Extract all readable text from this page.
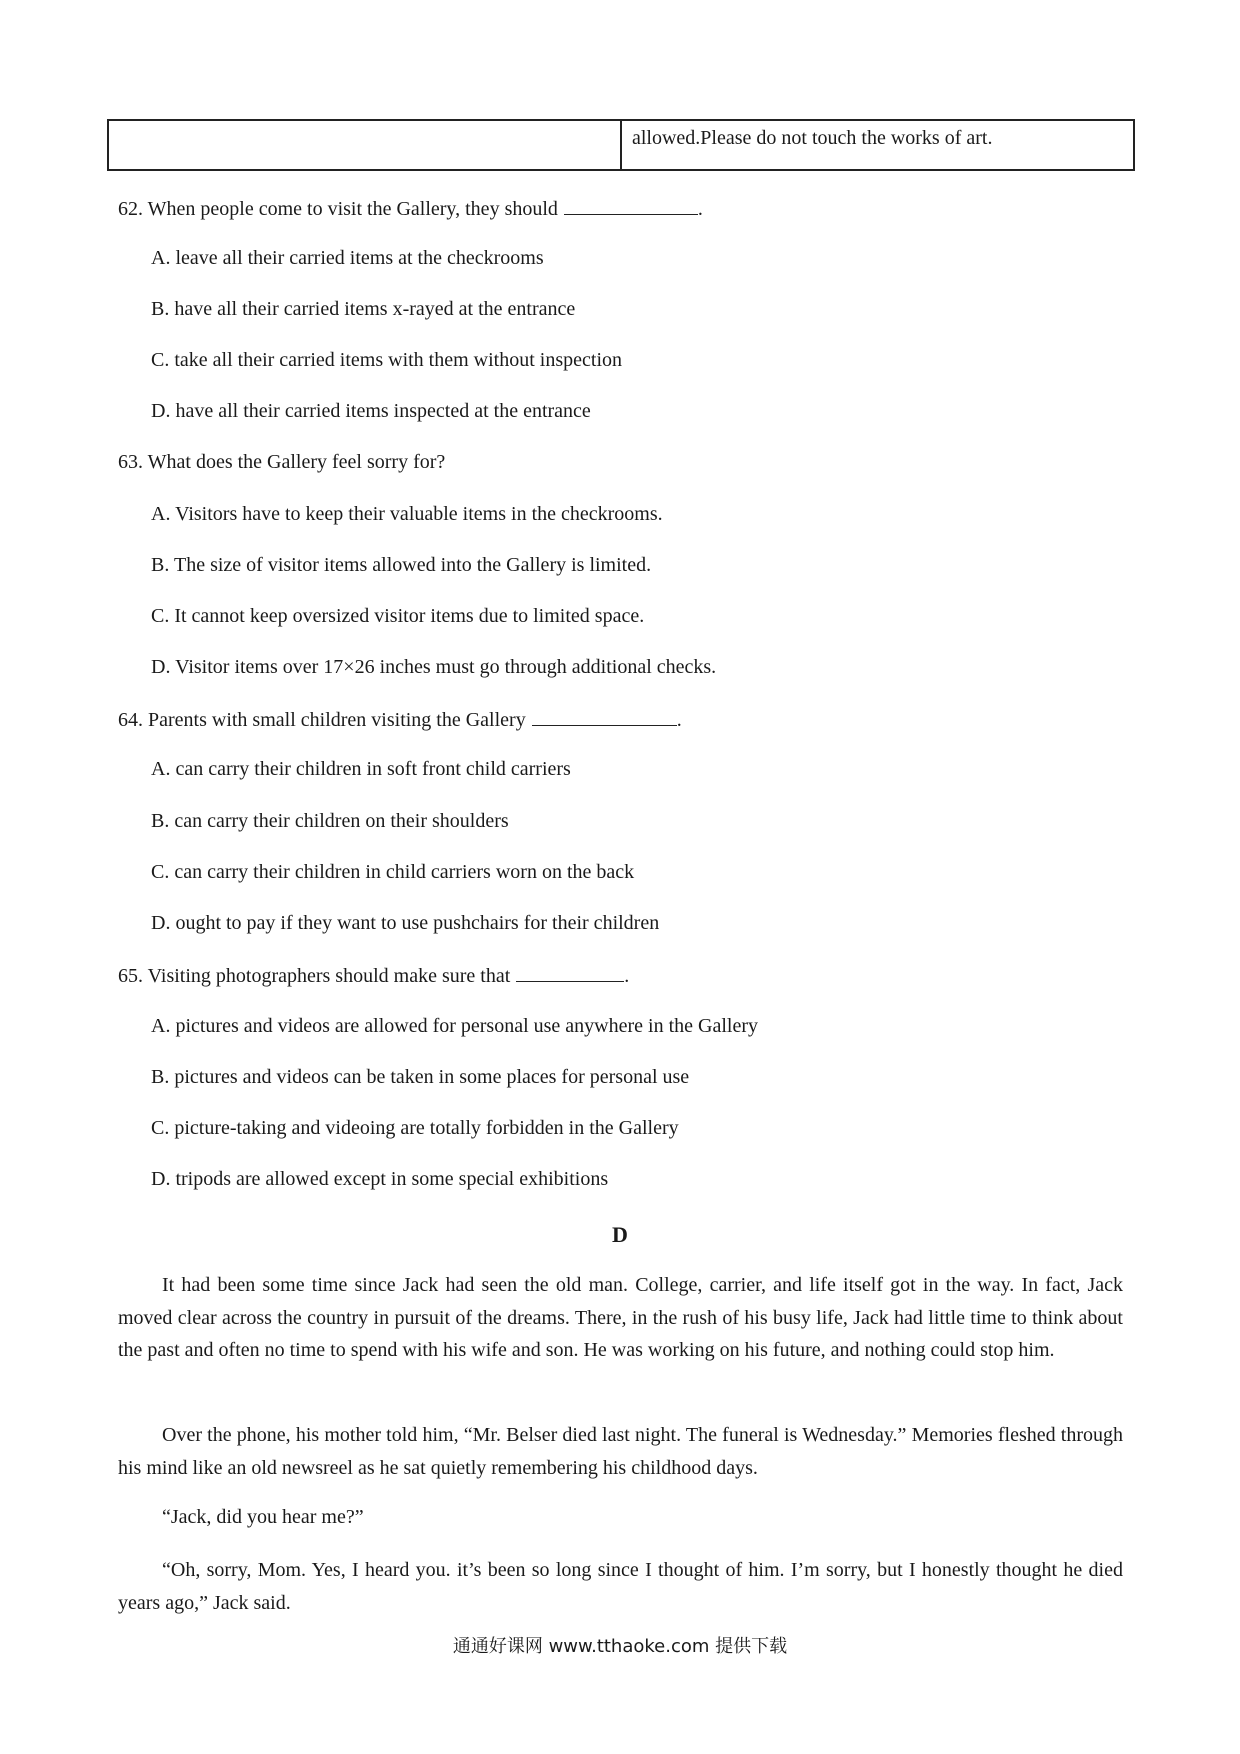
allowed.Please do not touch the works of art.
62. When people come to visit the Gallery, they should	.
A. leave all their carried items at the checkrooms
B. have all their carried items x-rayed at the entrance
C. take all their carried items with them without inspection
D. have all their carried items inspected at the entrance
63. What does the Gallery feel sorry for?
A. Visitors have to keep their valuable items in the checkrooms.
B. The size of visitor items allowed into the Gallery is limited.
C. It cannot keep oversized visitor items due to limited space.
D. Visitor items over 17×26 inches must go through additional checks.
64. Parents with small children visiting the Gallery	.
A. can carry their children in soft front child carriers
B. can carry their children on their shoulders
C. can carry their children in child carriers worn on the back
D. ought to pay if they want to use pushchairs for their children
65. Visiting photographers should make sure that	.
A. pictures and videos are allowed for personal use anywhere in the Gallery
B. pictures and videos can be taken in some places for personal use
C. picture-taking and videoing are totally forbidden in the Gallery
D. tripods are allowed except in some special exhibitions
D

It had been some time since Jack had seen the old man. College, carrier, and life itself got in the way. In fact, Jack moved clear across the country in pursuit of the dreams. There, in the rush of his busy life, Jack had little time to think about the past and often no time to spend with his wife and son. He was working on his future, and nothing could stop him.

Over the phone, his mother told him, “Mr. Belser died last night. The funeral is Wednesday.” Memories fleshed through his mind like an old newsreel as he sat quietly remembering his childhood days.

“Jack, did you hear me?”

“Oh, sorry, Mom. Yes, I heard you. it’s been so long since I thought of him. I’m sorry, but I honestly thought he died years ago,” Jack said.

通通好课网 www.tthaoke.com 提供下载
